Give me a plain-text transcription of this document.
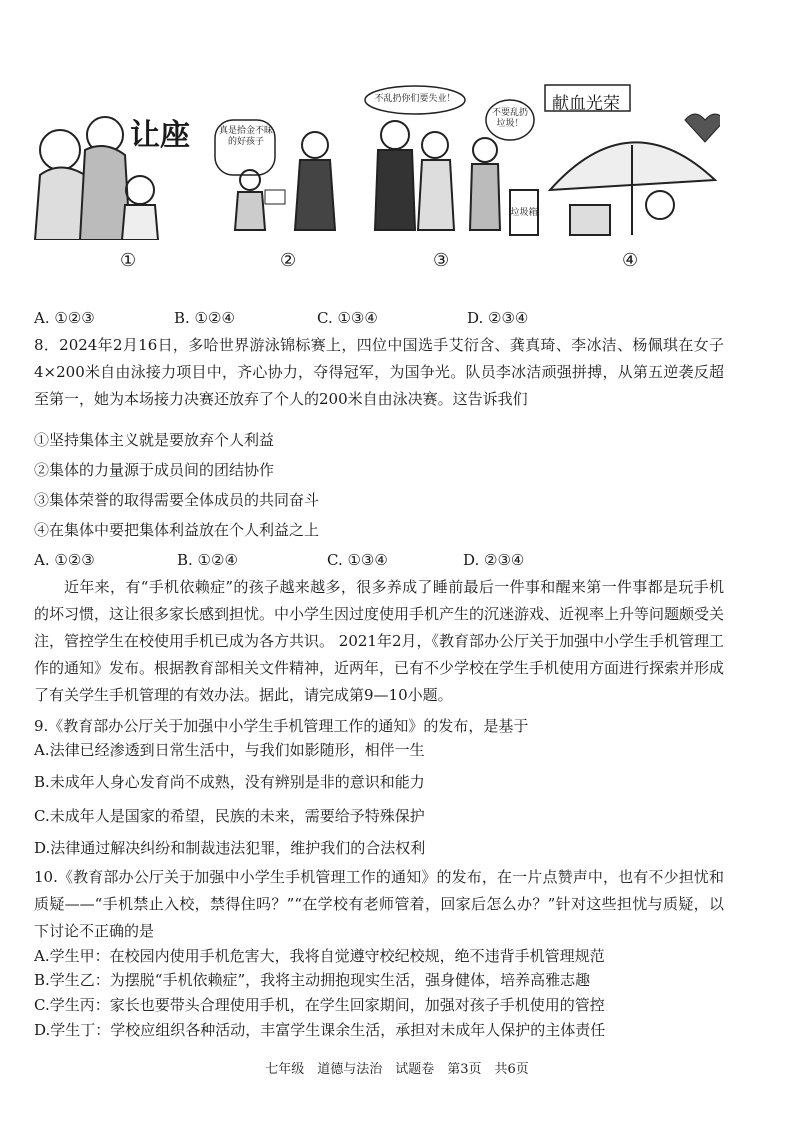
让座	真是拾金不昧的好孩子
不乱扔你们要失业！
不要乱扔垃圾！
垃圾箱
献血光荣
①	②	③	④
A. ①②③	B. ①②④	C. ①③④	D. ②③④
8．2024年2月16日，多哈世界游泳锦标赛上，四位中国选手艾衍含、龚真琦、李冰洁、杨佩琪在女子4×200米自由泳接力项目中，齐心协力，夺得冠军，为国争光。队员李冰洁顽强拼搏，从第五逆袭反超至第一，她为本场接力决赛还放弃了个人的200米自由泳决赛。这告诉我们
①坚持集体主义就是要放弃个人利益
②集体的力量源于成员间的团结协作
③集体荣誉的取得需要全体成员的共同奋斗
④在集体中要把集体利益放在个人利益之上
A. ①②③	B. ①②④	C. ①③④	D. ②③④
近年来，有“手机依赖症”的孩子越来越多，很多养成了睡前最后一件事和醒来第一件事都是玩手机的坏习惯，这让很多家长感到担忧。中小学生因过度使用手机产生的沉迷游戏、近视率上升等问题颇受关注，管控学生在校使用手机已成为各方共识。 2021年2月，《教育部办公厅关于加强中小学生手机管理工作的通知》发布。根据教育部相关文件精神，近两年，已有不少学校在学生手机使用方面进行探索并形成了有关学生手机管理的有效办法。据此，请完成第9—10小题。
9.《教育部办公厅关于加强中小学生手机管理工作的通知》的发布，是基于
A.法律已经渗透到日常生活中，与我们如影随形，相伴一生
B.未成年人身心发育尚不成熟，没有辨别是非的意识和能力
C.未成年人是国家的希望，民族的未来，需要给予特殊保护
D.法律通过解决纠纷和制裁违法犯罪，维护我们的合法权利
10.《教育部办公厅关于加强中小学生手机管理工作的通知》的发布，在一片点赞声中，也有不少担忧和质疑——“手机禁止入校，禁得住吗？”“在学校有老师管着，回家后怎么办？”针对这些担忧与质疑，以下讨论不正确的是
A.学生甲：在校园内使用手机危害大，我将自觉遵守校纪校规，绝不违背手机管理规范
B.学生乙：为摆脱“手机依赖症”，我将主动拥抱现实生活，强身健体，培养高雅志趣
C.学生丙：家长也要带头合理使用手机，在学生回家期间，加强对孩子手机使用的管控
D.学生丁：学校应组织各种活动，丰富学生课余生活，承担对未成年人保护的主体责任
七年级　道德与法治　试题卷　第3页　共6页
